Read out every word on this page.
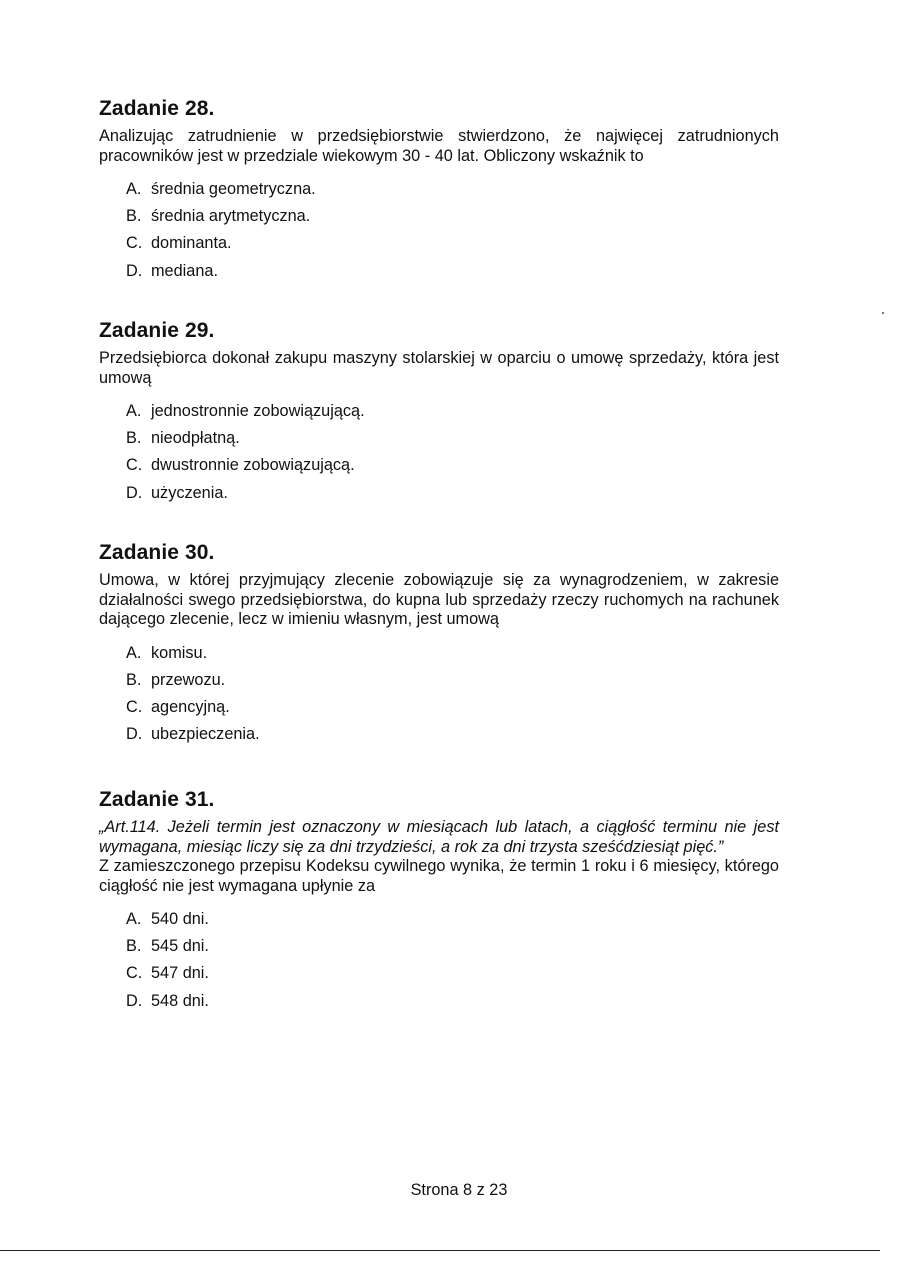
Zadanie 28.

Analizując zatrudnienie w przedsiębiorstwie stwierdzono, że najwięcej zatrudnionych pracowników jest w przedziale wiekowym 30 - 40 lat. Obliczony wskaźnik to

A. średnia geometryczna.
B. średnia arytmetyczna.
C. dominanta.
D. mediana.
Zadanie 29.

Przedsiębiorca dokonał zakupu maszyny stolarskiej w oparciu o umowę sprzedaży, która jest umową

A. jednostronnie zobowiązującą.
B. nieodpłatną.
C. dwustronnie zobowiązującą.
D. użyczenia.
Zadanie 30.

Umowa, w której przyjmujący zlecenie zobowiązuje się za wynagrodzeniem, w zakresie działalności swego przedsiębiorstwa, do kupna lub sprzedaży rzeczy ruchomych na rachunek dającego zlecenie, lecz w imieniu własnym, jest umową

A. komisu.
B. przewozu.
C. agencyjną.
D. ubezpieczenia.
Zadanie 31.

„Art.114. Jeżeli termin jest oznaczony w miesiącach lub latach, a ciągłość terminu nie jest wymagana, miesiąc liczy się za dni trzydzieści, a rok za dni trzysta sześćdziesiąt pięć.”

Z zamieszczonego przepisu Kodeksu cywilnego wynika, że termin 1 roku i 6 miesięcy, którego ciągłość nie jest wymagana upłynie za

A. 540 dni.
B. 545 dni.
C. 547 dni.
D. 548 dni.
Strona 8 z 23
